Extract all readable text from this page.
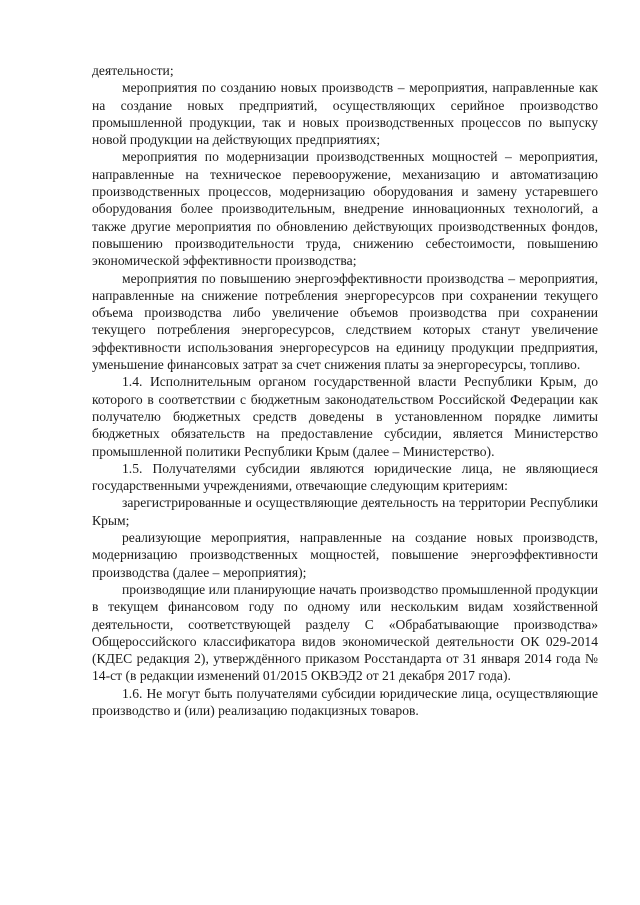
деятельности;

мероприятия по созданию новых производств – мероприятия, направленные как на создание новых предприятий, осуществляющих серийное производство промышленной продукции, так и новых производственных процессов по выпуску новой продукции на действующих предприятиях;

мероприятия по модернизации производственных мощностей – мероприятия, направленные на техническое перевооружение, механизацию и автоматизацию производственных процессов, модернизацию оборудования и замену устаревшего оборудования более производительным, внедрение инновационных технологий, а также другие мероприятия по обновлению действующих производственных фондов, повышению производительности труда, снижению себестоимости, повышению экономической эффективности производства;

мероприятия по повышению энергоэффективности производства – мероприятия, направленные на снижение потребления энергоресурсов при сохранении текущего объема производства либо увеличение объемов производства при сохранении текущего потребления энергоресурсов, следствием которых станут увеличение эффективности использования энергоресурсов на единицу продукции предприятия, уменьшение финансовых затрат за счет снижения платы за энергоресурсы, топливо.

1.4. Исполнительным органом государственной власти Республики Крым, до которого в соответствии с бюджетным законодательством Российской Федерации как получателю бюджетных средств доведены в установленном порядке лимиты бюджетных обязательств на предоставление субсидии, является Министерство промышленной политики Республики Крым (далее – Министерство).

1.5. Получателями субсидии являются юридические лица, не являющиеся государственными учреждениями, отвечающие следующим критериям:

зарегистрированные и осуществляющие деятельность на территории Республики Крым;

реализующие мероприятия, направленные на создание новых производств, модернизацию производственных мощностей, повышение энергоэффективности производства (далее – мероприятия);

производящие или планирующие начать производство промышленной продукции в текущем финансовом году по одному или нескольким видам хозяйственной деятельности, соответствующей разделу С «Обрабатывающие производства» Общероссийского классификатора видов экономической деятельности ОК 029-2014 (КДЕС редакция 2), утверждённого приказом Росстандарта от 31 января 2014 года № 14-ст (в редакции изменений 01/2015 ОКВЭД2 от 21 декабря 2017 года).

1.6. Не могут быть получателями субсидии юридические лица, осуществляющие производство и (или) реализацию подакцизных товаров.
